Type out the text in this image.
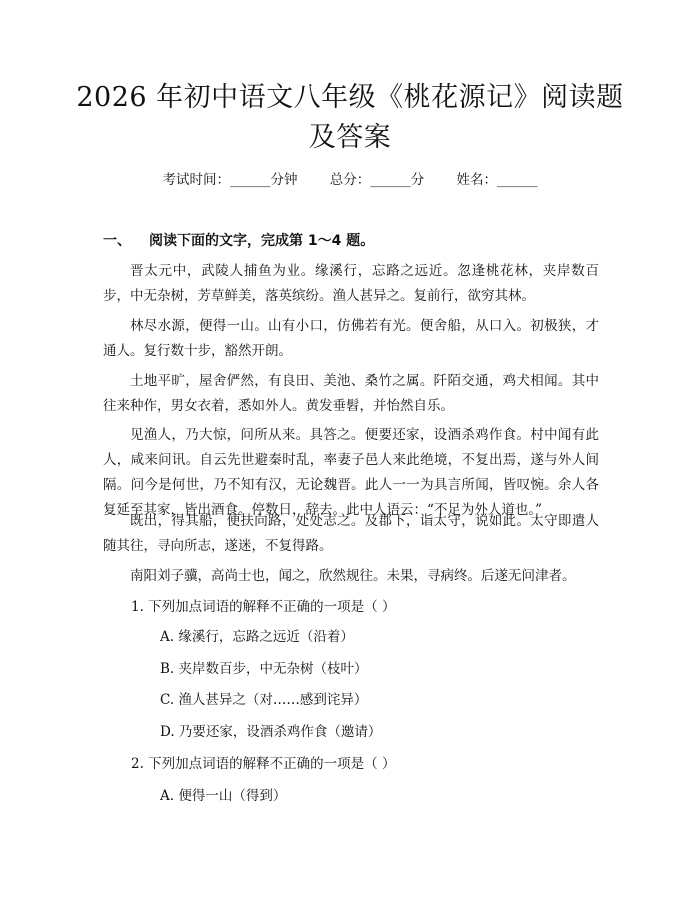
2026 年初中语文八年级《桃花源记》阅读题
及答案
考试时间：______分钟 总分：______分 姓名：______
一、 阅读下面的文字，完成第 1～4 题。

晋太元中，武陵人捕鱼为业。缘溪行，忘路之远近。忽逢桃花林，夹岸数百步，中无杂树，芳草鲜美，落英缤纷。渔人甚异之。复前行，欲穷其林。

林尽水源，便得一山。山有小口，仿佛若有光。便舍船，从口入。初极狭，才通人。复行数十步，豁然开朗。

土地平旷，屋舍俨然，有良田、美池、桑竹之属。阡陌交通，鸡犬相闻。其中往来种作，男女衣着，悉如外人。黄发垂髫，并怡然自乐。

见渔人，乃大惊，问所从来。具答之。便要还家，设酒杀鸡作食。村中闻有此人，咸来问讯。自云先世避秦时乱，率妻子邑人来此绝境，不复出焉，遂与外人间隔。问今是何世，乃不知有汉，无论魏晋。此人一一为具言所闻，皆叹惋。余人各复延至其家，皆出酒食。停数日，辞去。此中人语云：“不足为外人道也。”

既出，得其船，便扶向路，处处志之。及郡下，诣太守，说如此。太守即遣人随其往，寻向所志，遂迷，不复得路。

南阳刘子骥，高尚士也，闻之，欣然规往。未果，寻病终。后遂无问津者。

1. 下列加点词语的解释不正确的一项是（ ）

A. 缘溪行，忘路之远近（沿着）

B. 夹岸数百步，中无杂树（枝叶）

C. 渔人甚异之（对……感到诧异）

D. 乃要还家，设酒杀鸡作食（邀请）

2. 下列加点词语的解释不正确的一项是（ ）

A. 便得一山（得到）
